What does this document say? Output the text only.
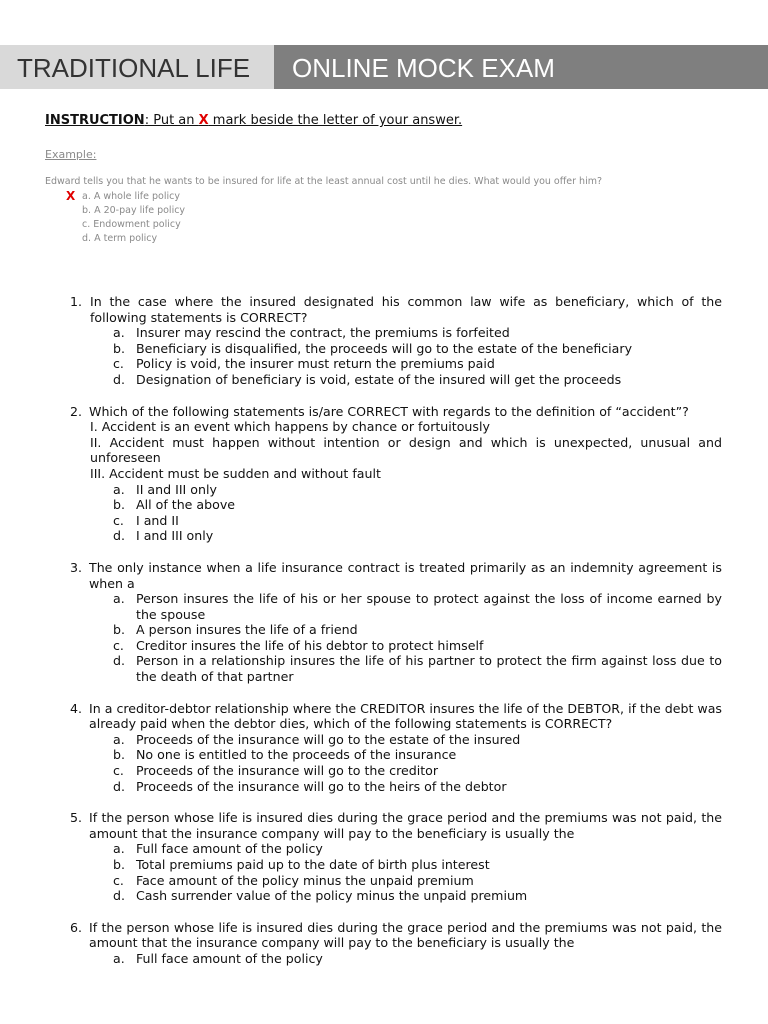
TRADITIONAL LIFE	ONLINE MOCK EXAM
INSTRUCTION: Put an X mark beside the letter of your answer.
Example:
Edward tells you that he wants to be insured for life at the least annual cost until he dies. What would you offer him?
X a. A whole life policy
b. A 20-pay life policy
c. Endowment policy
d. A term policy
1. In the case where the insured designated his common law wife as beneficiary, which of the following statements is CORRECT?
a. Insurer may rescind the contract, the premiums is forfeited
b. Beneficiary is disqualified, the proceeds will go to the estate of the beneficiary
c. Policy is void, the insurer must return the premiums paid
d. Designation of beneficiary is void, estate of the insured will get the proceeds
2. Which of the following statements is/are CORRECT with regards to the definition of “accident”?
I. Accident is an event which happens by chance or fortuitously
II. Accident must happen without intention or design and which is unexpected, unusual and unforeseen
III. Accident must be sudden and without fault
a. II and III only
b. All of the above
c. I and II
d. I and III only
3. The only instance when a life insurance contract is treated primarily as an indemnity agreement is when a
a. Person insures the life of his or her spouse to protect against the loss of income earned by the spouse
b. A person insures the life of a friend
c. Creditor insures the life of his debtor to protect himself
d. Person in a relationship insures the life of his partner to protect the firm against loss due to the death of that partner
4. In a creditor-debtor relationship where the CREDITOR insures the life of the DEBTOR, if the debt was already paid when the debtor dies, which of the following statements is CORRECT?
a. Proceeds of the insurance will go to the estate of the insured
b. No one is entitled to the proceeds of the insurance
c. Proceeds of the insurance will go to the creditor
d. Proceeds of the insurance will go to the heirs of the debtor
5. If the person whose life is insured dies during the grace period and the premiums was not paid, the amount that the insurance company will pay to the beneficiary is usually the
a. Full face amount of the policy
b. Total premiums paid up to the date of birth plus interest
c. Face amount of the policy minus the unpaid premium
d. Cash surrender value of the policy minus the unpaid premium
6. If the person whose life is insured dies during the grace period and the premiums was not paid, the amount that the insurance company will pay to the beneficiary is usually the
a. Full face amount of the policy
